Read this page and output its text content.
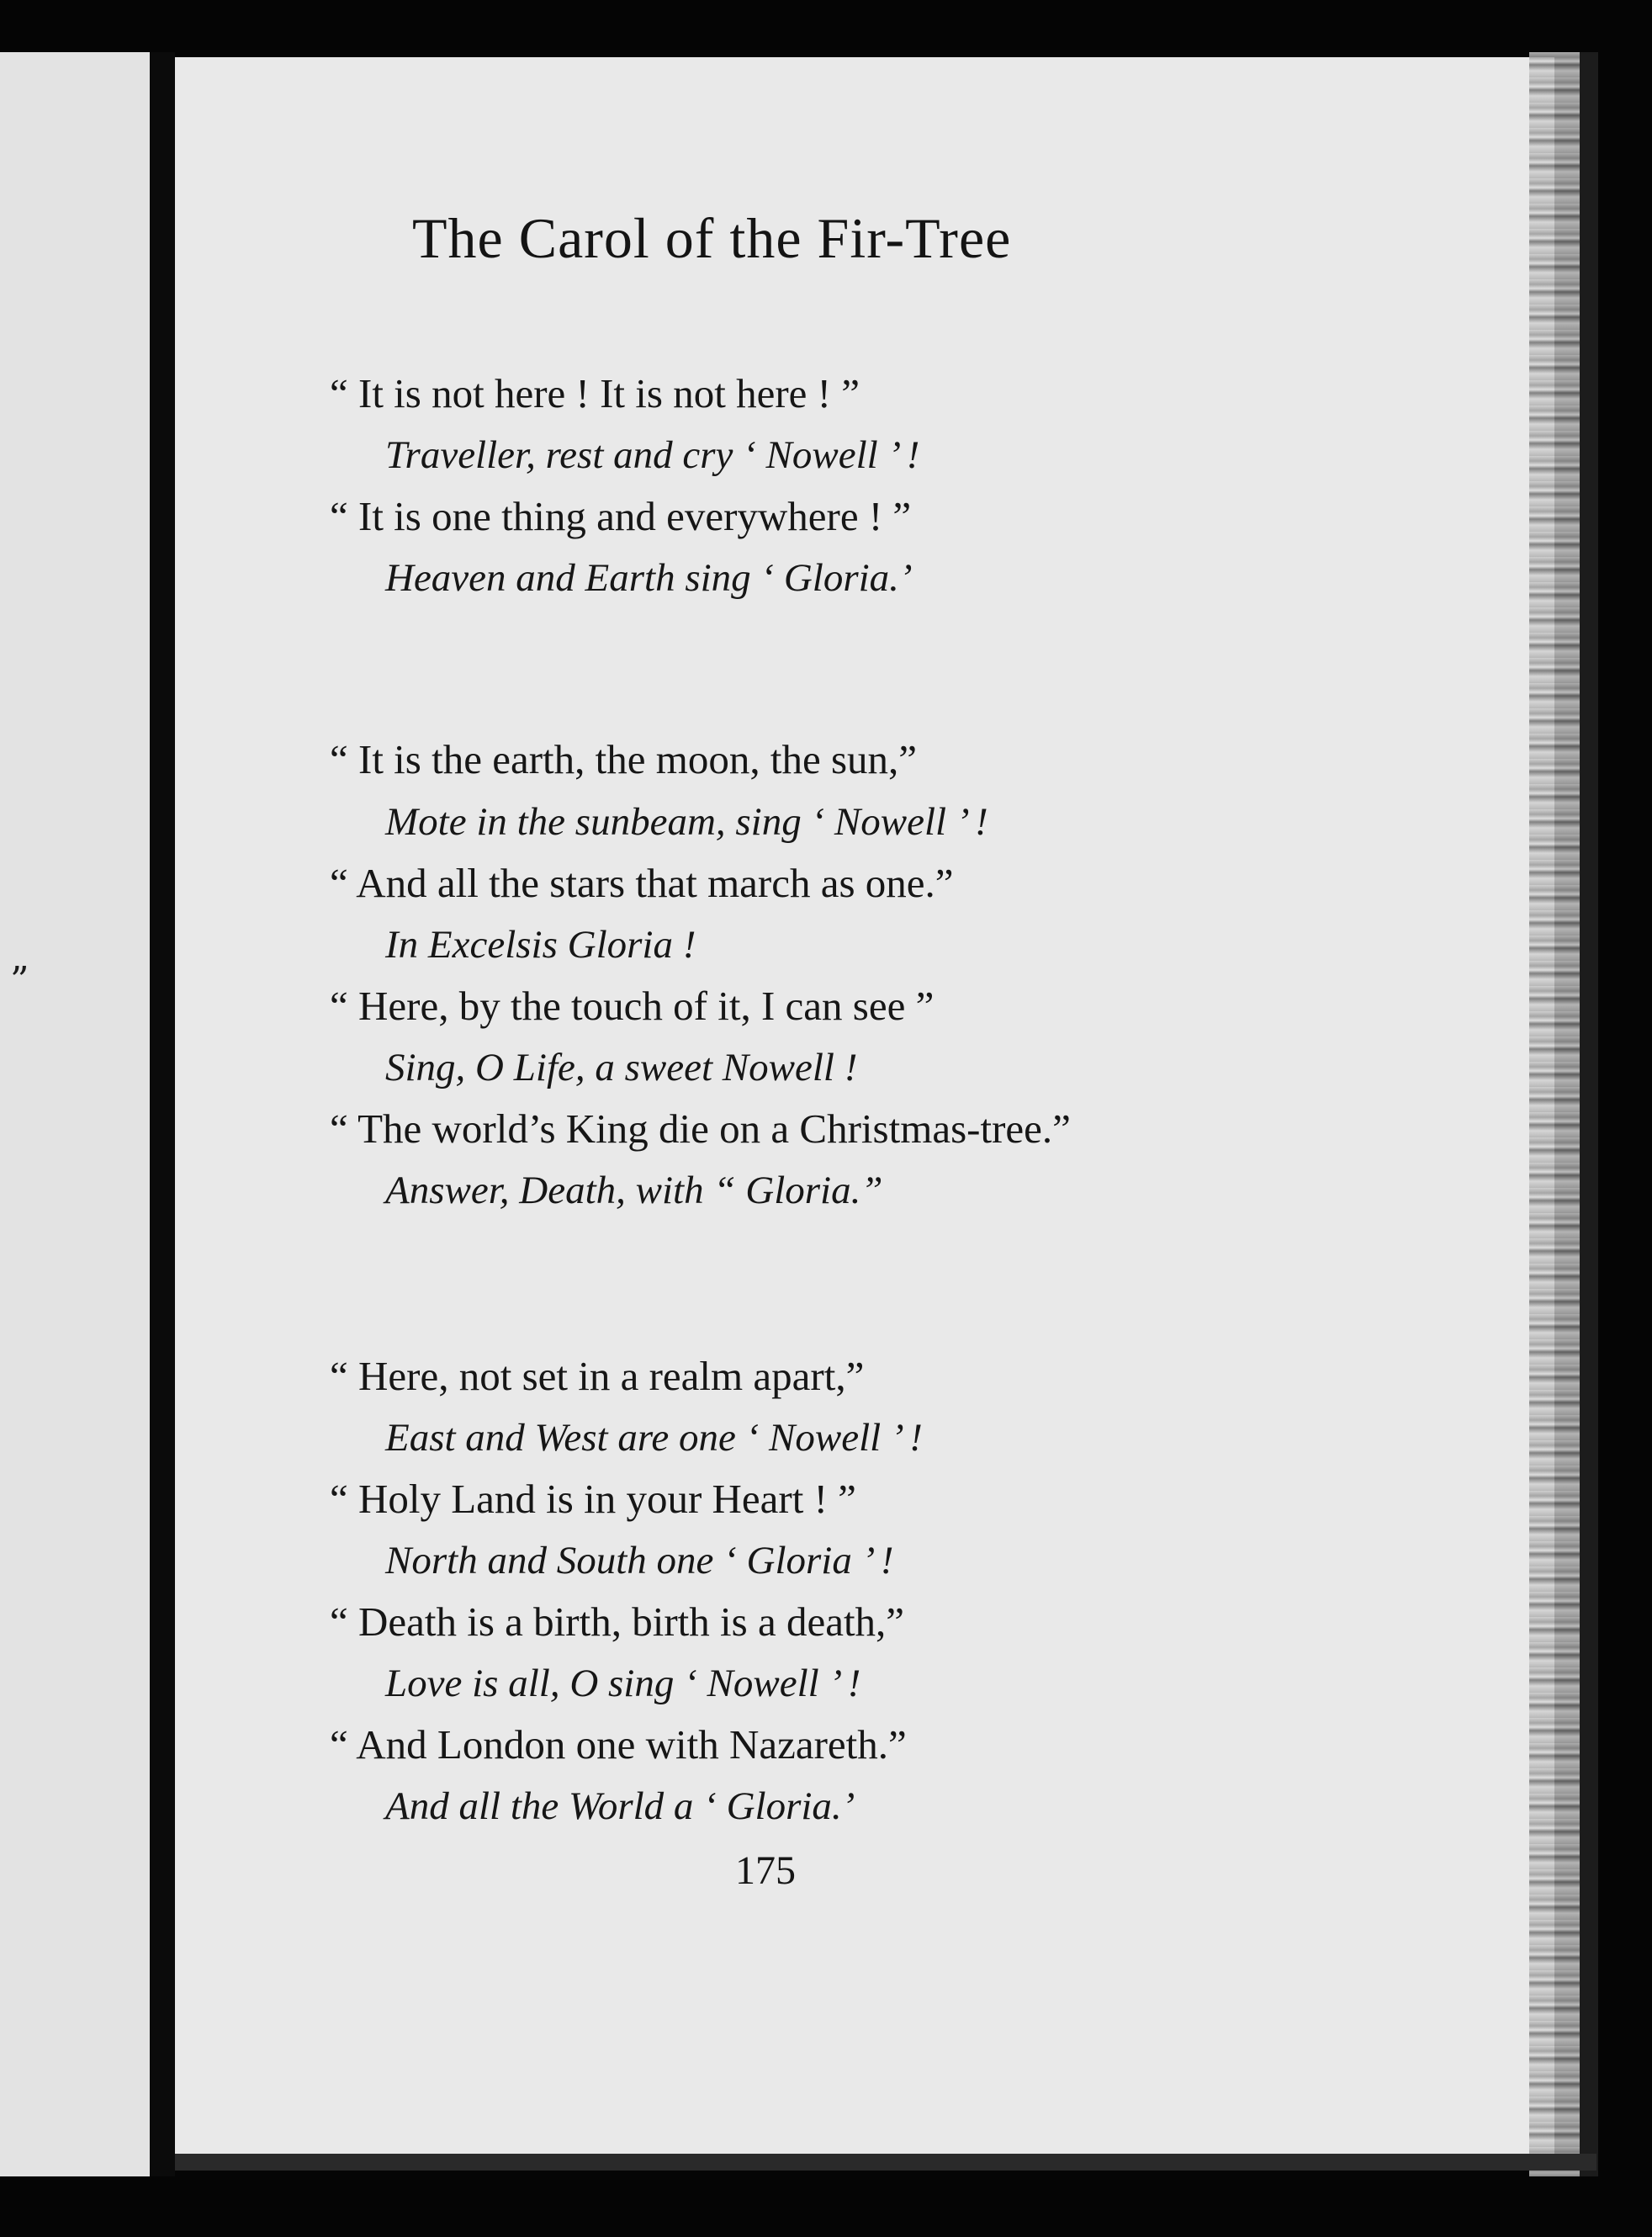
”
The Carol of the Fir-Tree
“ It is not here ! It is not here ! ”
Traveller, rest and cry ‘ Nowell ’ !
“ It is one thing and everywhere ! ”
Heaven and Earth sing ‘ Gloria.’
“ It is the earth, the moon, the sun,”
Mote in the sunbeam, sing ‘ Nowell ’ !
“ And all the stars that march as one.”
In Excelsis Gloria !
“ Here, by the touch of it, I can see ”
Sing, O Life, a sweet Nowell !
“ The world’s King die on a Christmas-tree.”
Answer, Death, with “ Gloria.”
“ Here, not set in a realm apart,”
East and West are one ‘ Nowell ’ !
“ Holy Land is in your Heart ! ”
North and South one ‘ Gloria ’ !
“ Death is a birth, birth is a death,”
Love is all, O sing ‘ Nowell ’ !
“ And London one with Nazareth.”
And all the World a ‘ Gloria.’
175
